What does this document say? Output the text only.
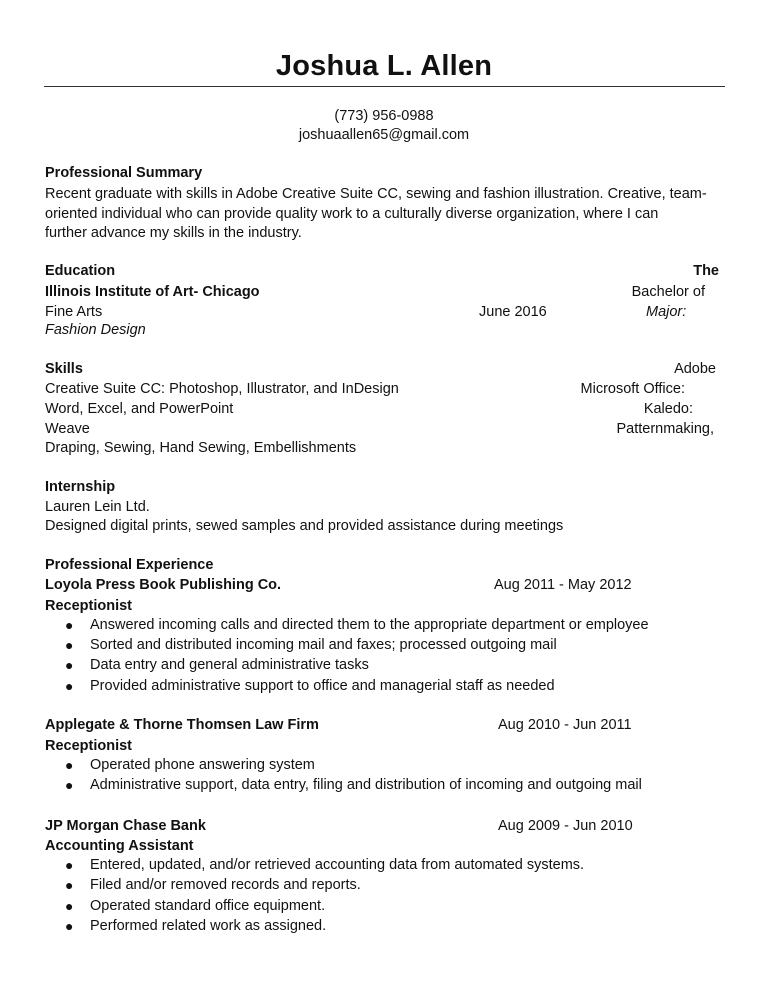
Joshua L. Allen
(773) 956-0988
joshuaallen65@gmail.com
Professional Summary
Recent graduate with skills in Adobe Creative Suite CC, sewing and fashion illustration. Creative, team-
oriented individual who can provide quality work to a culturally diverse organization, where I can
further advance my skills in the industry.
Education	The
Illinois Institute of Art- Chicago	Bachelor of
Fine Arts	June 2016	Major:
Fashion Design
Skills	Adobe
Creative Suite CC: Photoshop, Illustrator, and InDesign	Microsoft Office:
Word, Excel, and PowerPoint	Kaledo:
Weave	Patternmaking,
Draping, Sewing, Hand Sewing, Embellishments
Internship
Lauren Lein Ltd.
Designed digital prints, sewed samples and provided assistance during meetings
Professional Experience
Loyola Press Book Publishing Co.	Aug 2011 - May 2012
Receptionist
● Answered incoming calls and directed them to the appropriate department or employee
● Sorted and distributed incoming mail and faxes; processed outgoing mail
● Data entry and general administrative tasks
● Provided administrative support to office and managerial staff as needed
Applegate & Thorne Thomsen Law Firm	Aug 2010 - Jun 2011
Receptionist
● Operated phone answering system
● Administrative support, data entry, filing and distribution of incoming and outgoing mail
JP Morgan Chase Bank	Aug 2009 - Jun 2010
Accounting Assistant
● Entered, updated, and/or retrieved accounting data from automated systems.
● Filed and/or removed records and reports.
● Operated standard office equipment.
● Performed related work as assigned.
